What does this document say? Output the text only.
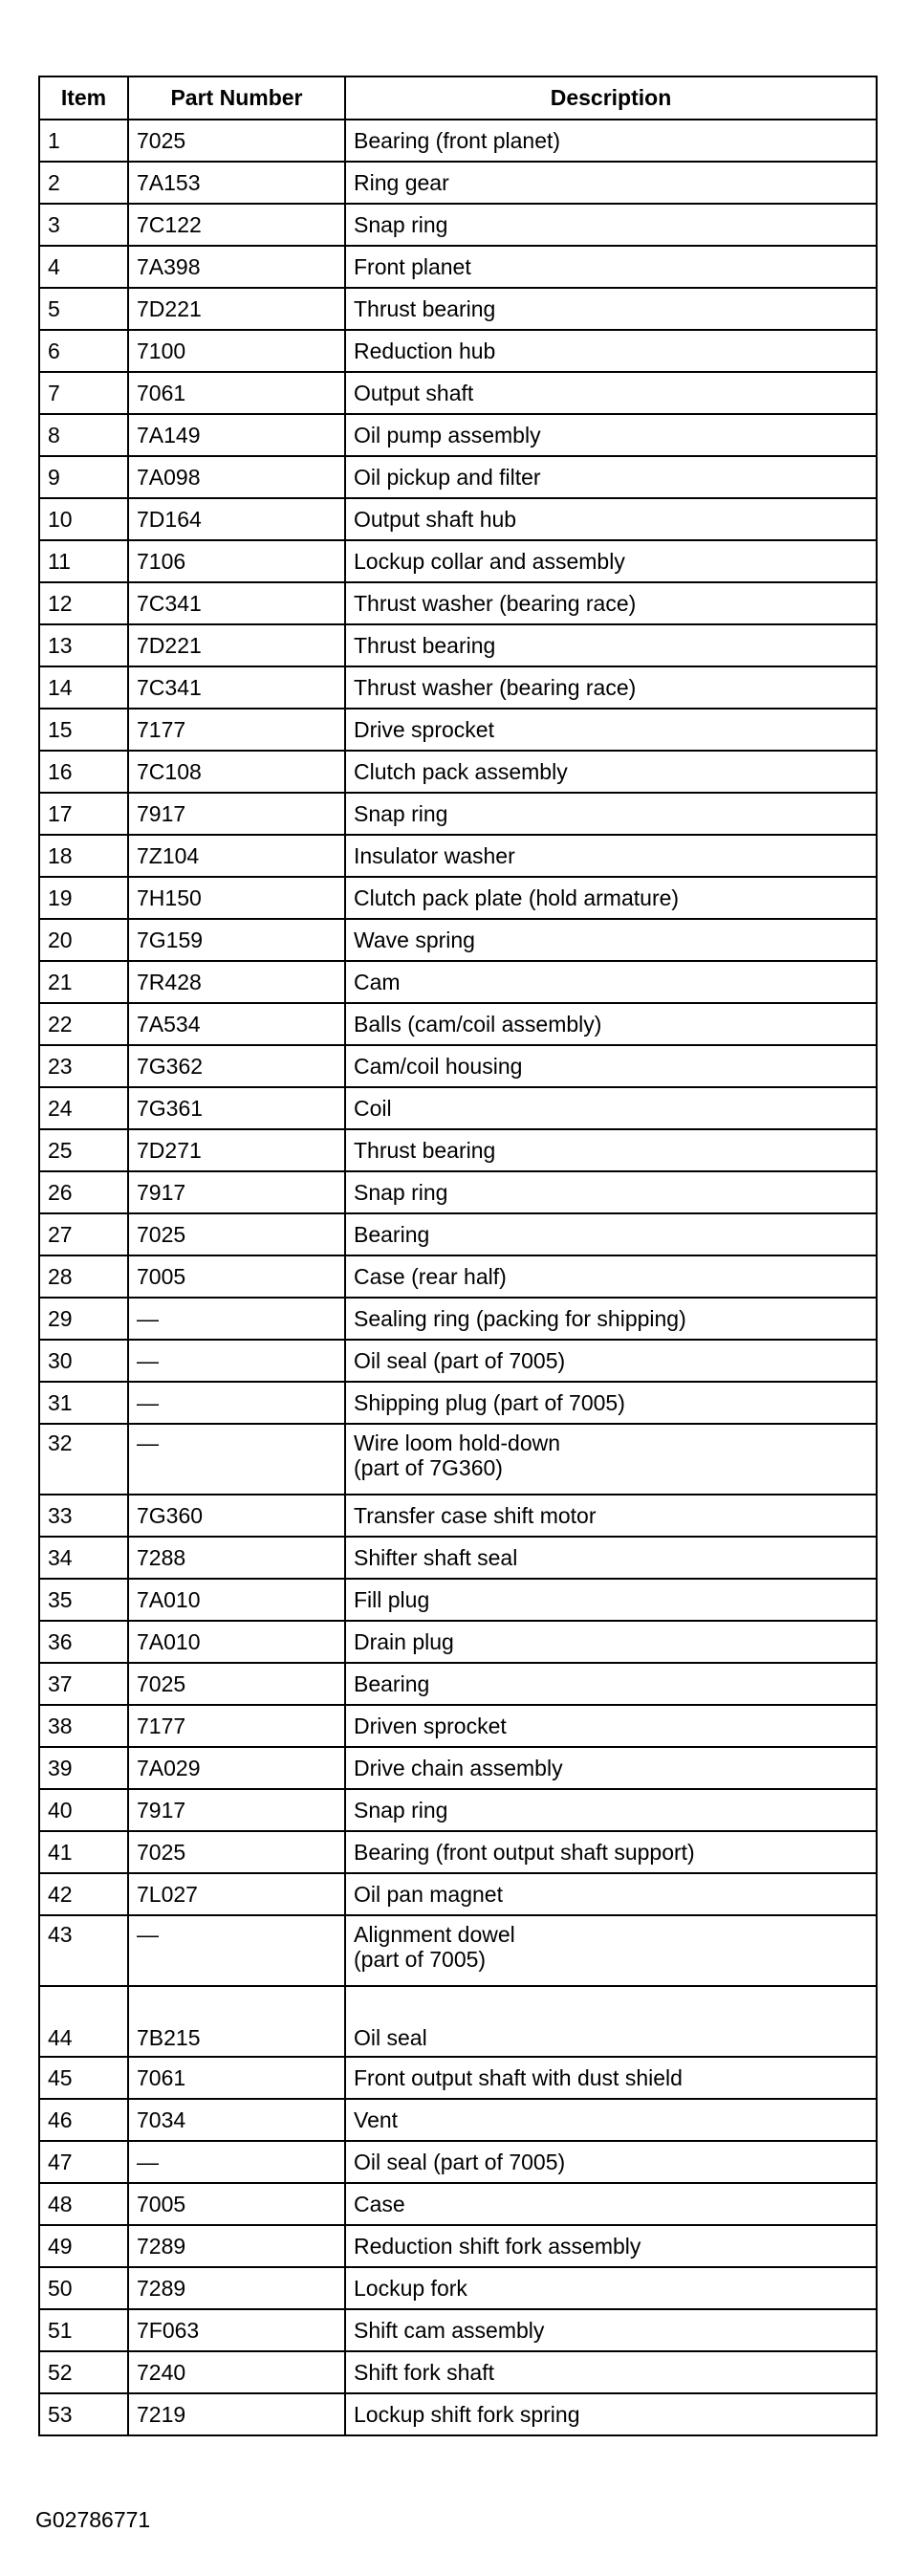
Item	Part Number	Description
1	7025	Bearing (front planet)

2	7A153	Ring gear

3	7C122	Snap ring

4	7A398	Front planet

5	7D221	Thrust bearing

6	7100	Reduction hub

7	7061	Output shaft

8	7A149	Oil pump assembly

9	7A098	Oil pickup and filter

10	7D164	Output shaft hub

11	7106	Lockup collar and assembly

12	7C341	Thrust washer (bearing race)

13	7D221	Thrust bearing

14	7C341	Thrust washer (bearing race)

15	7177	Drive sprocket

16	7C108	Clutch pack assembly

17	7917	Snap ring

18	7Z104	Insulator washer

19	7H150	Clutch pack plate (hold armature)

20	7G159	Wave spring

21	7R428	Cam

22	7A534	Balls (cam/coil assembly)

23	7G362	Cam/coil housing

24	7G361	Coil

25	7D271	Thrust bearing

26	7917	Snap ring

27	7025	Bearing

28	7005	Case (rear half)

29	—	Sealing ring (packing for shipping)

30	—	Oil seal (part of 7005)

31	—	Shipping plug (part of 7005)

32	—	Wire loom hold-down
(part of 7G360)

33	7G360	Transfer case shift motor

34	7288	Shifter shaft seal

35	7A010	Fill plug

36	7A010	Drain plug

37	7025	Bearing

38	7177	Driven sprocket

39	7A029	Drive chain assembly

40	7917	Snap ring

41	7025	Bearing (front output shaft support)

42	7L027	Oil pan magnet

43	—	Alignment dowel
(part of 7005)

44	7B215	Oil seal

45	7061	Front output shaft with dust shield

46	7034	Vent

47	—	Oil seal (part of 7005)

48	7005	Case

49	7289	Reduction shift fork assembly

50	7289	Lockup fork

51	7F063	Shift cam assembly

52	7240	Shift fork shaft

53	7219	Lockup shift fork spring
G02786771
